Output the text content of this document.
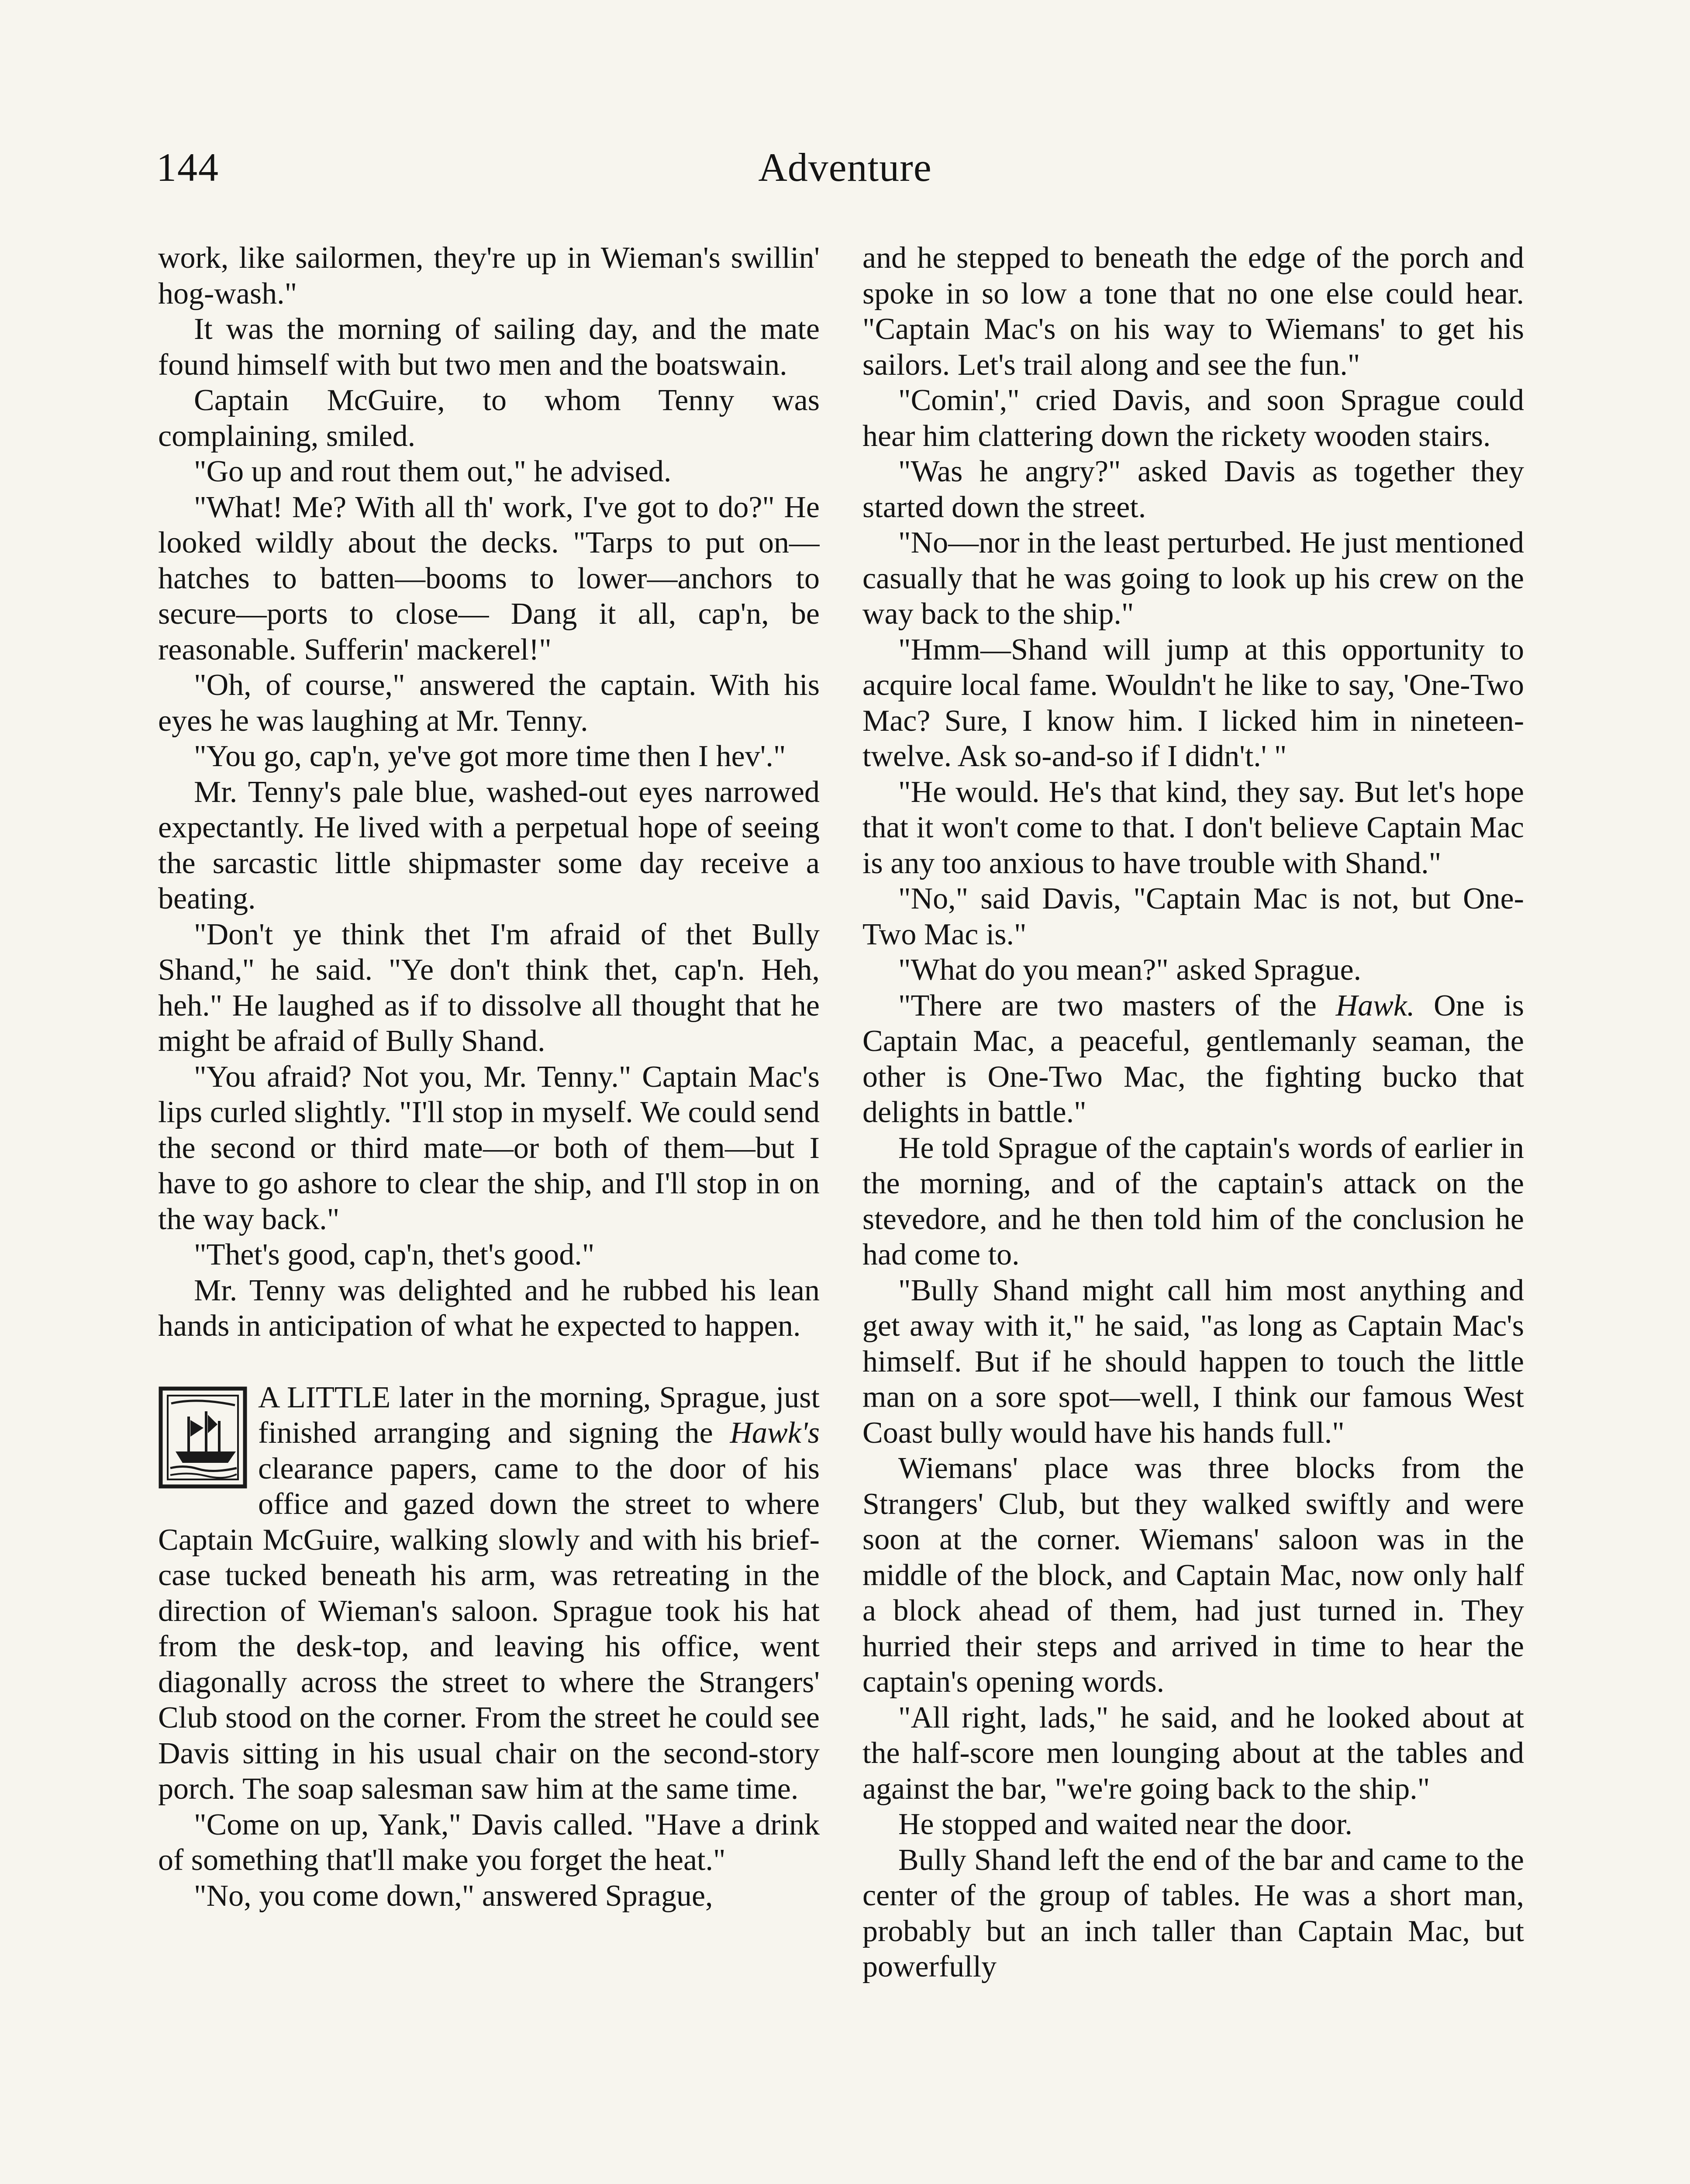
144	Adventure

work, like sailormen, they're up in Wieman's swillin' hog-wash."

It was the morning of sailing day, and the mate found himself with but two men and the boatswain.

Captain McGuire, to whom Tenny was complaining, smiled.

"Go up and rout them out," he advised.

"What! Me? With all th' work, I've got to do?" He looked wildly about the decks. "Tarps to put on—hatches to batten—booms to lower—anchors to secure—ports to close— Dang it all, cap'n, be reasonable. Sufferin' mackerel!"

"Oh, of course," answered the captain. With his eyes he was laughing at Mr. Tenny.

"You go, cap'n, ye've got more time then I hev'."

Mr. Tenny's pale blue, washed-out eyes narrowed expectantly. He lived with a perpetual hope of seeing the sarcastic little shipmaster some day receive a beating.

"Don't ye think thet I'm afraid of thet Bully Shand," he said. "Ye don't think thet, cap'n. Heh, heh." He laughed as if to dissolve all thought that he might be afraid of Bully Shand.

"You afraid? Not you, Mr. Tenny." Captain Mac's lips curled slightly. "I'll stop in myself. We could send the second or third mate—or both of them—but I have to go ashore to clear the ship, and I'll stop in on the way back."

"Thet's good, cap'n, thet's good."

Mr. Tenny was delighted and he rubbed his lean hands in anticipation of what he expected to happen.

A LITTLE later in the morning, Sprague, just finished arranging and signing the Hawk's clearance papers, came to the door of his office and gazed down the street to where Captain McGuire, walking slowly and with his brief-case tucked beneath his arm, was retreating in the direction of Wieman's saloon. Sprague took his hat from the desk-top, and leaving his office, went diagonally across the street to where the Strangers' Club stood on the corner. From the street he could see Davis sitting in his usual chair on the second-story porch. The soap salesman saw him at the same time.

"Come on up, Yank," Davis called. "Have a drink of something that'll make you forget the heat."

"No, you come down," answered Sprague,

and he stepped to beneath the edge of the porch and spoke in so low a tone that no one else could hear. "Captain Mac's on his way to Wiemans' to get his sailors. Let's trail along and see the fun."

"Comin'," cried Davis, and soon Sprague could hear him clattering down the rickety wooden stairs.

"Was he angry?" asked Davis as together they started down the street.

"No—nor in the least perturbed. He just mentioned casually that he was going to look up his crew on the way back to the ship."

"Hmm—Shand will jump at this opportunity to acquire local fame. Wouldn't he like to say, 'One-Two Mac? Sure, I know him. I licked him in nineteen-twelve. Ask so-and-so if I didn't.' "

"He would. He's that kind, they say. But let's hope that it won't come to that. I don't believe Captain Mac is any too anxious to have trouble with Shand."

"No," said Davis, "Captain Mac is not, but One-Two Mac is."

"What do you mean?" asked Sprague.

"There are two masters of the Hawk. One is Captain Mac, a peaceful, gentlemanly seaman, the other is One-Two Mac, the fighting bucko that delights in battle."

He told Sprague of the captain's words of earlier in the morning, and of the captain's attack on the stevedore, and he then told him of the conclusion he had come to.

"Bully Shand might call him most anything and get away with it," he said, "as long as Captain Mac's himself. But if he should happen to touch the little man on a sore spot—well, I think our famous West Coast bully would have his hands full."

Wiemans' place was three blocks from the Strangers' Club, but they walked swiftly and were soon at the corner. Wiemans' saloon was in the middle of the block, and Captain Mac, now only half a block ahead of them, had just turned in. They hurried their steps and arrived in time to hear the captain's opening words.

"All right, lads," he said, and he looked about at the half-score men lounging about at the tables and against the bar, "we're going back to the ship."

He stopped and waited near the door.

Bully Shand left the end of the bar and came to the center of the group of tables. He was a short man, probably but an inch taller than Captain Mac, but powerfully
